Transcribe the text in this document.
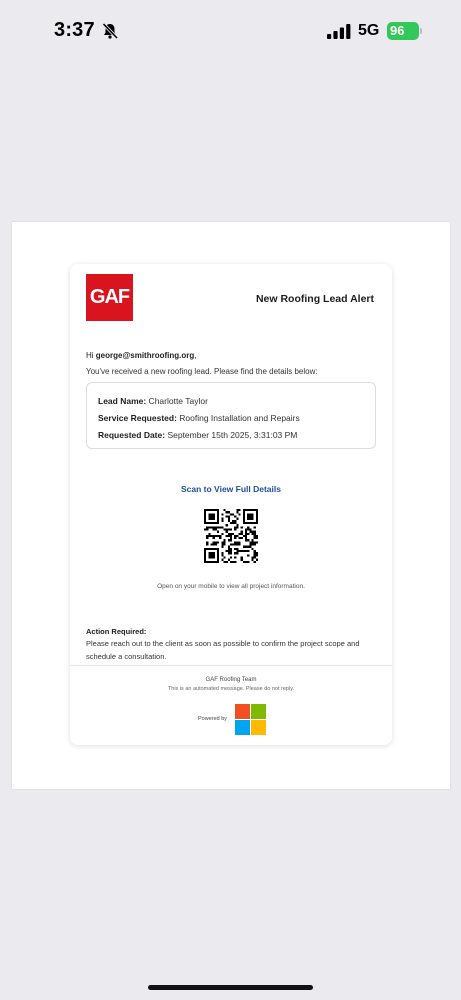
3:37	5G 96
GAF	New Roofing Lead Alert
Hi george@smithroofing.org,
You've received a new roofing lead. Please find the details below:
Lead Name: Charlotte Taylor
Service Requested: Roofing Installation and Repairs
Requested Date: September 15th 2025, 3:31:03 PM
Scan to View Full Details
Open on your mobile to view all project information.
Action Required:
Please reach out to the client as soon as possible to confirm the project scope and schedule a consultation.
GAF Roofing Team
This is an automated message. Please do not reply.
Powered by
